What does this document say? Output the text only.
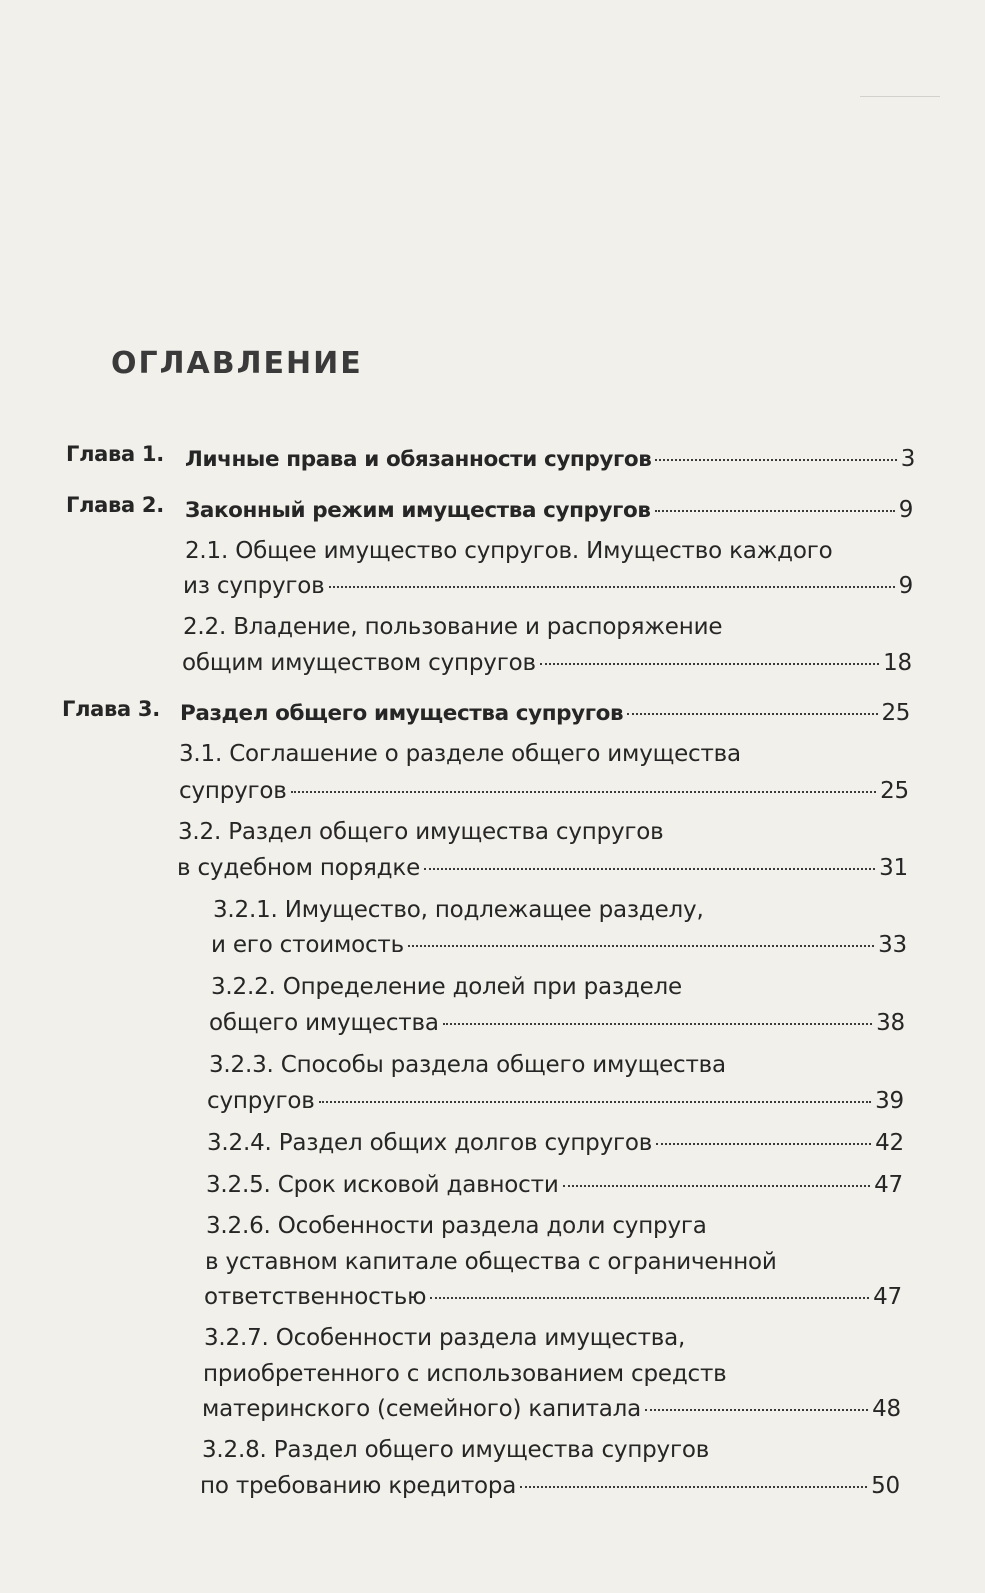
ОГЛАВЛЕНИЕ
Глава 1. Личные права и обязанности супругов	3
Глава 2. Законный режим имущества супругов	9
2.1. Общее имущество супругов. Имущество каждого
из супругов	9
2.2. Владение, пользование и распоряжение
общим имуществом супругов	18
Глава 3. Раздел общего имущества супругов	25
3.1. Соглашение о разделе общего имущества
супругов	25
3.2. Раздел общего имущества супругов
в судебном порядке	31
3.2.1. Имущество, подлежащее разделу,
и его стоимость	33
3.2.2. Определение долей при разделе
общего имущества	38
3.2.3. Способы раздела общего имущества
супругов	39
3.2.4. Раздел общих долгов супругов	42
3.2.5. Срок исковой давности	47
3.2.6. Особенности раздела доли супруга
в уставном капитале общества с ограниченной
ответственностью	47
3.2.7. Особенности раздела имущества,
приобретенного с использованием средств
материнского (семейного) капитала	48
3.2.8. Раздел общего имущества супругов
по требованию кредитора	50
